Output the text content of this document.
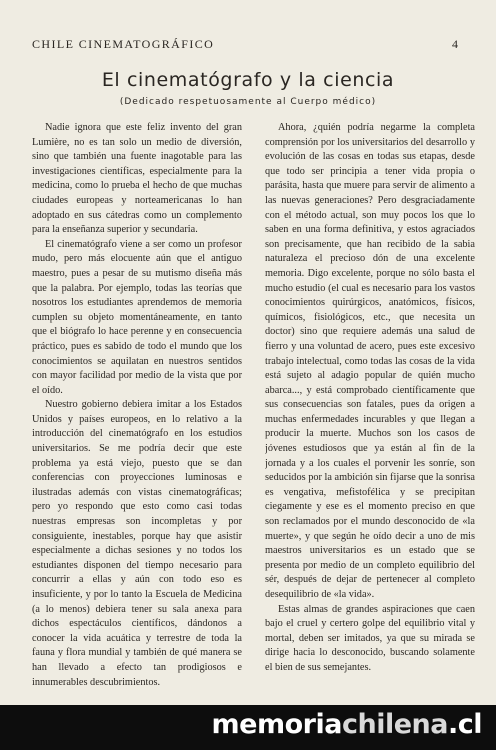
CHILE CINEMATOGRÁFICO	4
El cinematógrafo y la ciencia
(Dedicado respetuosamente al Cuerpo médico)

Nadie ignora que este feliz invento del gran Lumière, no es tan solo un medio de diversión, sino que también una fuente inagotable para las investigaciones científicas, especialmente para la medicina, como lo prueba el hecho de que muchas ciudades europeas y norteamericanas lo han adoptado en sus cátedras como un complemento para la enseñanza superior y secundaria.

El cinematógrafo viene a ser como un profesor mudo, pero más elocuente aún que el antiguo maestro, pues a pesar de su mutismo diseña más que la palabra. Por ejemplo, todas las teorías que nosotros los estudiantes aprendemos de memoria cumplen su objeto momentáneamente, en tanto que el biógrafo lo hace perenne y en consecuencia práctico, pues es sabido de todo el mundo que los conocimientos se aquilatan en nuestros sentidos con mayor facilidad por medio de la vista que por el oído.

Nuestro gobierno debiera imitar a los Estados Unidos y países europeos, en lo relativo a la introducción del cinematógrafo en los estudios universitarios. Se me podría decir que este problema ya está viejo, puesto que se dan conferencias con proyecciones luminosas e ilustradas además con vistas cinematográficas; pero yo respondo que esto como casi todas nuestras empresas son incompletas y por consiguiente, inestables, porque hay que asistir especialmente a dichas sesiones y no todos los estudiantes disponen del tiempo necesario para concurrir a ellas y aún con todo eso es insuficiente, y por lo tanto la Escuela de Medicina (a lo menos) debiera tener su sala anexa para dichos espectáculos científicos, dándonos a conocer la vida acuática y terrestre de toda la fauna y flora mundial y también de qué manera se han llevado a efecto tan prodigiosos e innumerables descubrimientos.

Ahora, ¿quién podría negarme la completa comprensión por los universitarios del desarrollo y evolución de las cosas en todas sus etapas, desde que todo ser principia a tener vida propia o parásita, hasta que muere para servir de alimento a las nuevas generaciones? Pero desgraciadamente con el método actual, son muy pocos los que lo saben en una forma definitiva, y estos agraciados son precisamente, que han recibido de la sabia naturaleza el precioso dón de una excelente memoria. Digo excelente, porque no sólo basta el mucho estudio (el cual es necesario para los vastos conocimientos quirúrgicos, anatómicos, físicos, químicos, fisiológicos, etc., que necesita un doctor) sino que requiere además una salud de fierro y una voluntad de acero, pues este excesivo trabajo intelectual, como todas las cosas de la vida está sujeto al adagio popular de quién mucho abarca..., y está comprobado científicamente que sus consecuencias son fatales, pues da origen a muchas enfermedades incurables y que llegan a producir la muerte. Muchos son los casos de jóvenes estudiosos que ya están al fin de la jornada y a los cuales el porvenir les sonríe, son seducidos por la ambición sin fijarse que la sonrisa es vengativa, mefistofélica y se precipitan ciegamente y ese es el momento preciso en que son reclamados por el mundo desconocido de «la muerte», y que según he oído decir a uno de mis maestros universitarios es un estado que se presenta por medio de un completo equilibrio del sér, después de dejar de pertenecer al completo desequilibrio de «la vida».

Estas almas de grandes aspiraciones que caen bajo el cruel y certero golpe del equilibrio vital y mortal, deben ser imitados, ya que su mirada se dirige hacia lo desconocido, buscando solamente el bien de sus semejantes.

memoriachilena.cl
